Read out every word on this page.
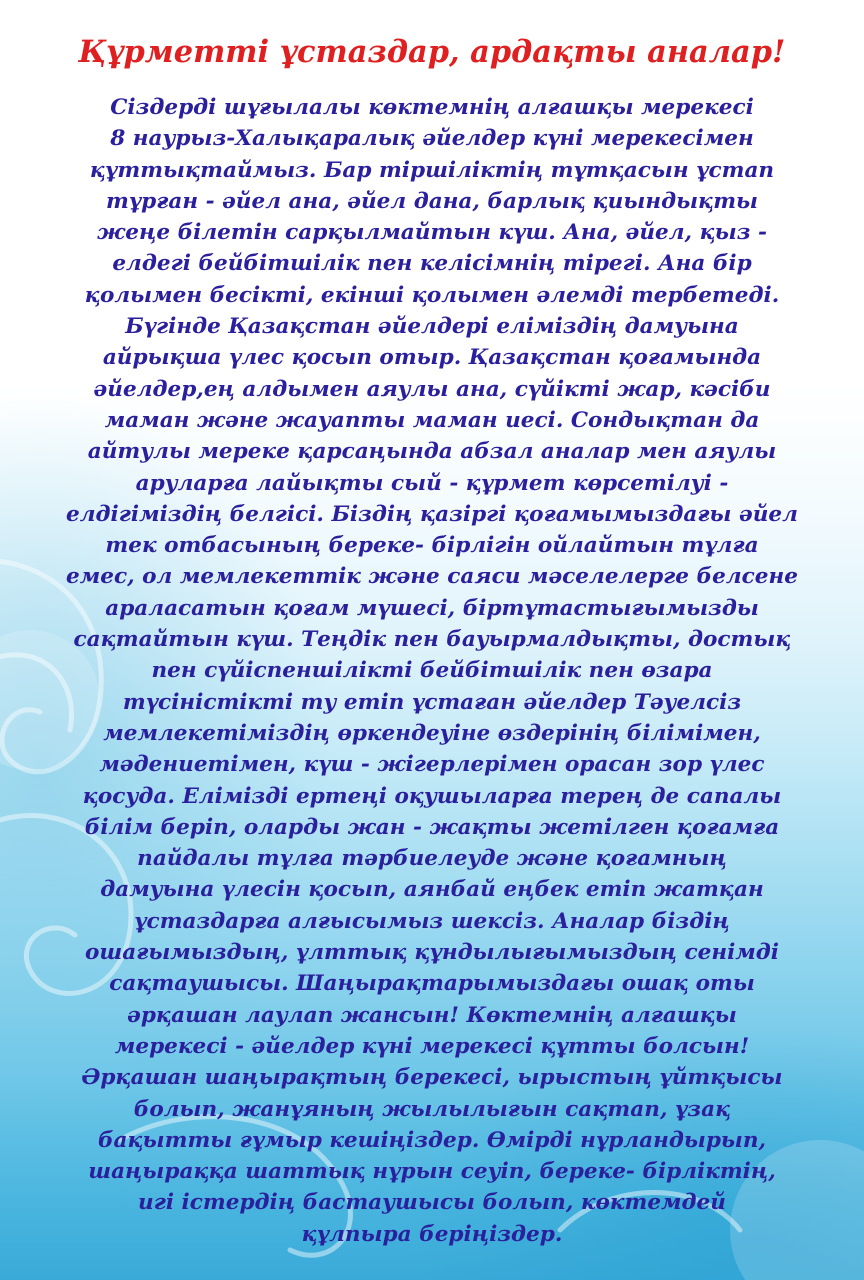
Құрметті ұстаздар, ардақты аналар!
Сіздерді шұғылалы көктемнің алғашқы мерекесі
8 наурыз-Халықаралық әйелдер күні мерекесімен
құттықтаймыз. Бар тіршіліктің тұтқасын ұстап
тұрған - әйел ана, әйел дана, барлық қиындықты
жеңе білетін сарқылмайтын күш. Ана, әйел, қыз -
елдегі бейбітшілік пен келісімнің тірегі. Ана бір
қолымен бесікті, екінші қолымен әлемді тербетеді.
Бүгінде Қазақстан әйелдері еліміздің дамуына
айрықша үлес қосып отыр. Қазақстан қоғамында
әйелдер,ең алдымен аяулы ана, сүйікті жар, кәсіби
маман және жауапты маман иесі. Сондықтан да
айтулы мереке қарсаңында абзал аналар мен аяулы
аруларға лайықты сый - құрмет көрсетілуі -
елдігіміздің белгісі. Біздің қазіргі қоғамымыздағы әйел
тек отбасының береке- бірлігін ойлайтын тұлға
емес, ол мемлекеттік және саяси мәселелерге белсене
араласатын қоғам мүшесі, біртұтастығымызды
сақтайтын күш. Теңдік пен бауырмалдықты, достық
пен сүйіспеншілікті бейбітшілік пен өзара
түсіністікті ту етіп ұстаған әйелдер Тәуелсіз
мемлекетіміздің өркендеуіне өздерінің білімімен,
мәдениетімен, күш - жігерлерімен орасан зор үлес
қосуда. Елімізді ертеңі оқушыларға терең де сапалы
білім беріп, оларды жан - жақты жетілген қоғамға
пайдалы тұлға тәрбиелеуде және қоғамның
дамуына үлесін қосып, аянбай еңбек етіп жатқан
ұстаздарға алғысымыз шексіз. Аналар біздің
ошағымыздың, ұлттық құндылығымыздың сенімді
сақтаушысы. Шаңырақтарымыздағы ошақ оты
әрқашан лаулап жансын! Көктемнің алғашқы
мерекесі - әйелдер күні мерекесі құтты болсын!
Әрқашан шаңырақтың берекесі, ырыстың ұйтқысы
болып, жанұяның жылылығын сақтап, ұзақ
бақытты ғұмыр кешіңіздер. Өмірді нұрландырып,
шаңыраққа шаттық нұрын сеуіп, береке- бірліктің,
игі істердің бастаушысы болып, көктемдей
құлпыра беріңіздер.
